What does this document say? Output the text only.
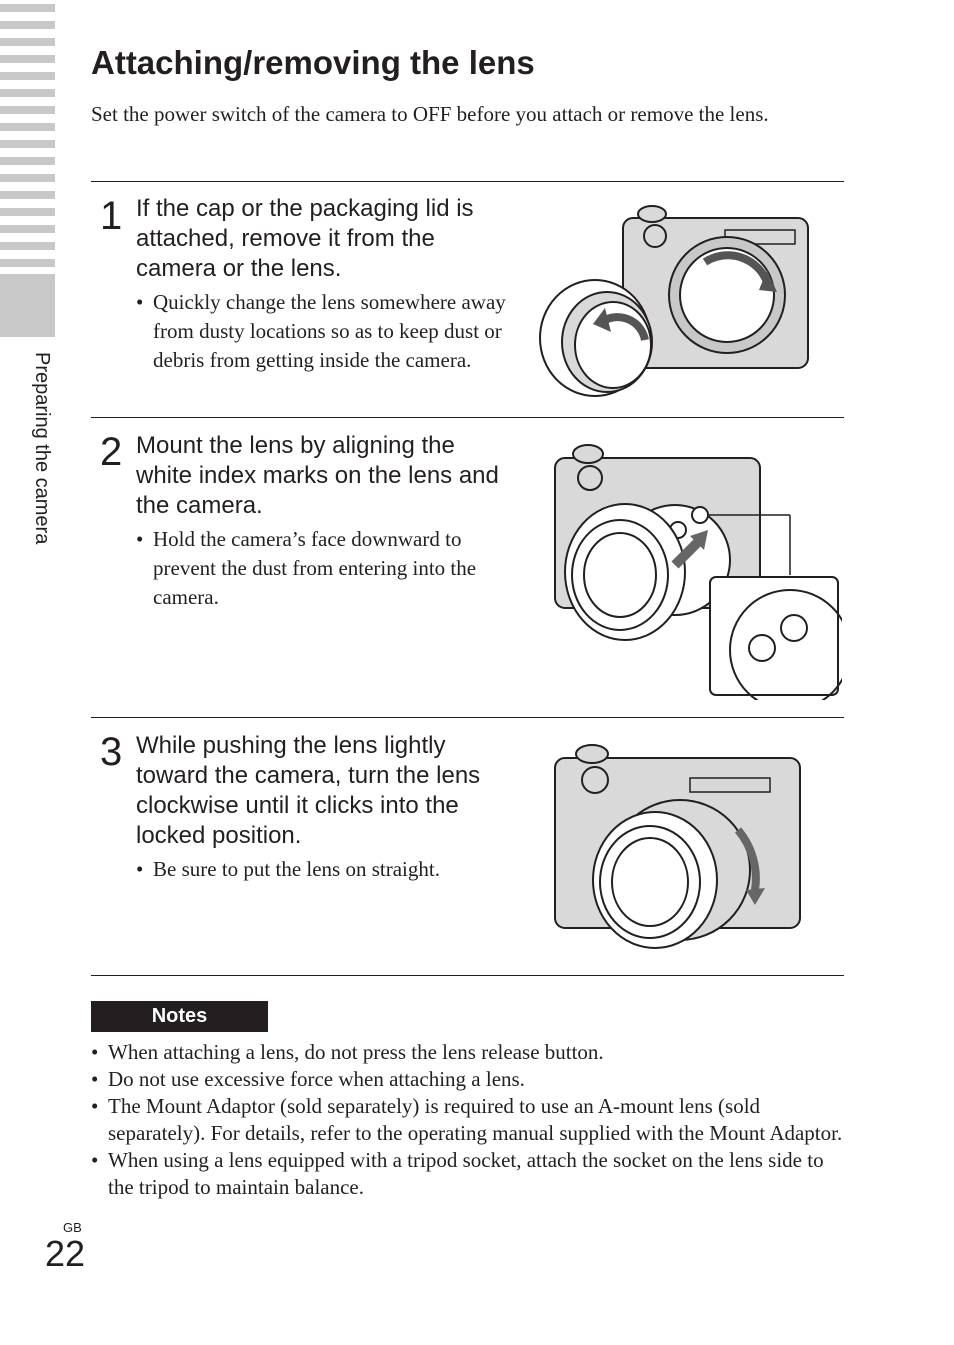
Preparing the camera
Attaching/removing the lens

Set the power switch of the camera to OFF before you attach or remove the lens.

1 If the cap or the packaging lid is attached, remove it from the camera or the lens.

• Quickly change the lens somewhere away from dusty locations so as to keep dust or debris from getting inside the camera.

2 Mount the lens by aligning the white index marks on the lens and the camera.

• Hold the camera’s face downward to prevent the dust from entering into the camera.

3 While pushing the lens lightly toward the camera, turn the lens clockwise until it clicks into the locked position.

• Be sure to put the lens on straight.

Notes
• When attaching a lens, do not press the lens release button.
• Do not use excessive force when attaching a lens.
• The Mount Adaptor (sold separately) is required to use an A-mount lens (sold separately). For details, refer to the operating manual supplied with the Mount Adaptor.
• When using a lens equipped with a tripod socket, attach the socket on the lens side to the tripod to maintain balance.
GB
22
